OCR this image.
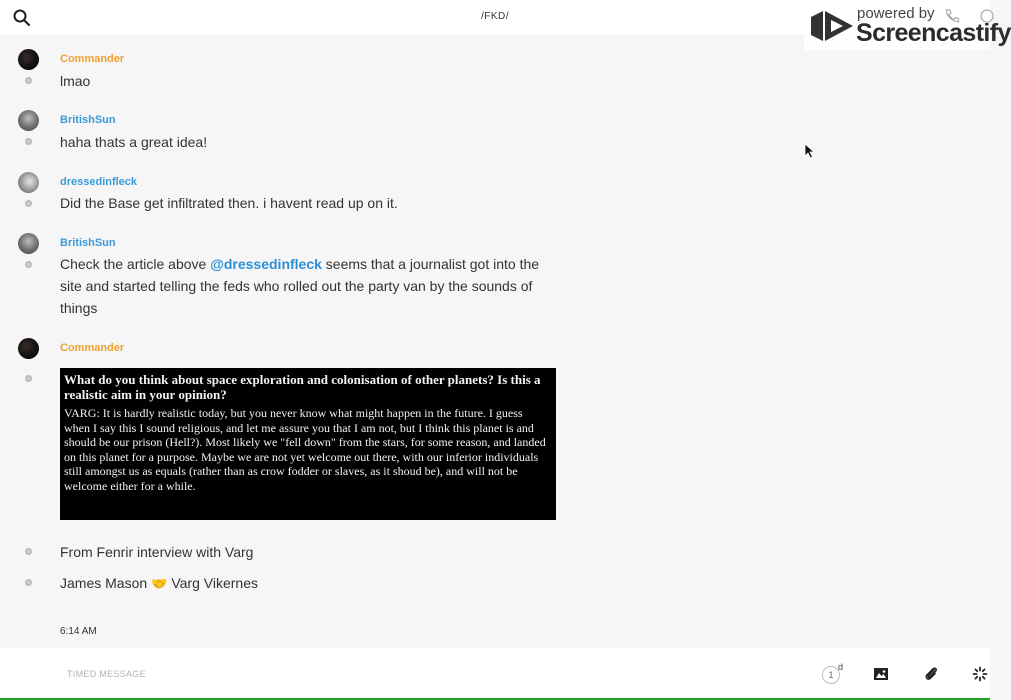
/FKD/	powered by
Screencastify
Commander
lmao
BritishSun
haha thats a great idea!
dressedinfleck
Did the Base get infiltrated then. i havent read up on it.
BritishSun
Check the article above @dressedinfleck seems that a journalist got into the site and started telling the feds who rolled out the party van by the sounds of things
Commander

What do you think about space exploration and colonisation of other planets? Is this a realistic aim in your opinion?

VARG: It is hardly realistic today, but you never know what might happen in the future. I guess when I say this I sound religious, and let me assure you that I am not, but I think this planet is and should be our prison (Hell?). Most likely we "fell down" from the stars, for some reason, and landed on this planet for a purpose. Maybe we are not yet welcome out there, with our inferior individuals still amongst us as equals (rather than as crow fodder or slaves, as it shoud be), and will not be welcome either for a while.

From Fenrir interview with Varg
James Mason 🤝 Varg Vikernes
6:14 AM
TIMED MESSAGE	1
d
